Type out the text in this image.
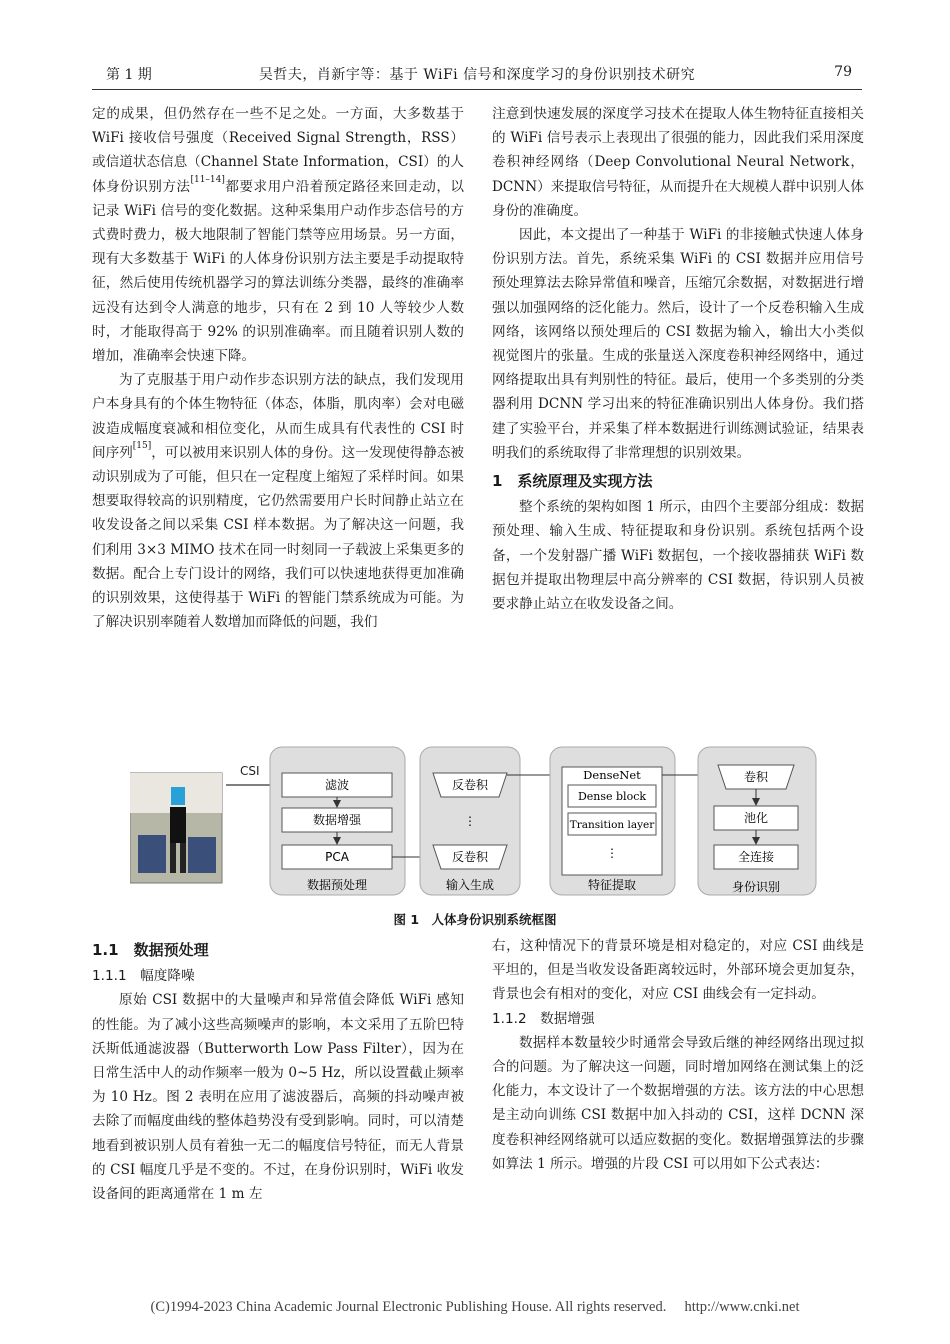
第 1 期	吴哲夫，肖新宇等：基于 WiFi 信号和深度学习的身份识别技术研究	79

定的成果，但仍然存在一些不足之处。一方面，大多数基于 WiFi 接收信号强度（Received Signal Strength，RSS）或信道状态信息（Channel State Information，CSI）的人体身份识别方法[11–14]都要求用户沿着预定路径来回走动，以记录 WiFi 信号的变化数据。这种采集用户动作步态信号的方式费时费力，极大地限制了智能门禁等应用场景。另一方面，现有大多数基于 WiFi 的人体身份识别方法主要是手动提取特征，然后使用传统机器学习的算法训练分类器，最终的准确率远没有达到令人满意的地步，只有在 2 到 10 人等较少人数时，才能取得高于 92% 的识别准确率。而且随着识别人数的增加，准确率会快速下降。

为了克服基于用户动作步态识别方法的缺点，我们发现用户本身具有的个体生物特征（体态，体脂，肌肉率）会对电磁波造成幅度衰减和相位变化，从而生成具有代表性的 CSI 时间序列[15]，可以被用来识别人体的身份。这一发现使得静态被动识别成为了可能，但只在一定程度上缩短了采样时间。如果想要取得较高的识别精度，它仍然需要用户长时间静止站立在收发设备之间以采集 CSI 样本数据。为了解决这一问题，我们利用 3×3 MIMO 技术在同一时刻同一子载波上采集更多的数据。配合上专门设计的网络，我们可以快速地获得更加准确的识别效果，这使得基于 WiFi 的智能门禁系统成为可能。为了解决识别率随着人数增加而降低的问题，我们

注意到快速发展的深度学习技术在提取人体生物特征直接相关的 WiFi 信号表示上表现出了很强的能力，因此我们采用深度卷积神经网络（Deep Convolutional Neural Network，DCNN）来提取信号特征，从而提升在大规模人群中识别人体身份的准确度。

因此，本文提出了一种基于 WiFi 的非接触式快速人体身份识别方法。首先，系统采集 WiFi 的 CSI 数据并应用信号预处理算法去除异常值和噪音，压缩冗余数据，对数据进行增强以加强网络的泛化能力。然后，设计了一个反卷积输入生成网络，该网络以预处理后的 CSI 数据为输入，输出大小类似视觉图片的张量。生成的张量送入深度卷积神经网络中，通过网络提取出具有判别性的特征。最后，使用一个多类别的分类器利用 DCNN 学习出来的特征准确识别出人体身份。我们搭建了实验平台，并采集了样本数据进行训练测试验证，结果表明我们的系统取得了非常理想的识别效果。

1　系统原理及实现方法

整个系统的架构如图 1 所示，由四个主要部分组成：数据预处理、输入生成、特征提取和身份识别。系统包括两个设备，一个发射器广播 WiFi 数据包，一个接收器捕获 WiFi 数据包并提取出物理层中高分辨率的 CSI 数据，待识别人员被要求静止站立在收发设备之间。

CSI
滤波
数据增强
PCA
数据预处理
反卷积
⋮
反卷积
输入生成
DenseNet
Dense block
Transition layer
⋮
特征提取
卷积
池化
全连接
身份识别
图 1　人体身份识别系统框图
1.1　数据预处理
1.1.1　幅度降噪

原始 CSI 数据中的大量噪声和异常值会降低 WiFi 感知的性能。为了减小这些高频噪声的影响，本文采用了五阶巴特沃斯低通滤波器（Butterworth Low Pass Filter），因为在日常生活中人的动作频率一般为 0~5 Hz，所以设置截止频率为 10 Hz。图 2 表明在应用了滤波器后，高频的抖动噪声被去除了而幅度曲线的整体趋势没有受到影响。同时，可以清楚地看到被识别人员有着独一无二的幅度信号特征，而无人背景的 CSI 幅度几乎是不变的。不过，在身份识别时，WiFi 收发设备间的距离通常在 1 m 左

右，这种情况下的背景环境是相对稳定的，对应 CSI 曲线是平坦的，但是当收发设备距离较远时，外部环境会更加复杂，背景也会有相对的变化，对应 CSI 曲线会有一定抖动。

1.1.2　数据增强

数据样本数量较少时通常会导致后继的神经网络出现过拟合的问题。为了解决这一问题，同时增加网络在测试集上的泛化能力，本文设计了一个数据增强的方法。该方法的中心思想是主动向训练 CSI 数据中加入抖动的 CSI，这样 DCNN 深度卷积神经网络就可以适应数据的变化。数据增强算法的步骤如算法 1 所示。增强的片段 CSI 可以用如下公式表达：

(C)1994-2023 China Academic Journal Electronic Publishing House. All rights reserved.　 http://www.cnki.net
